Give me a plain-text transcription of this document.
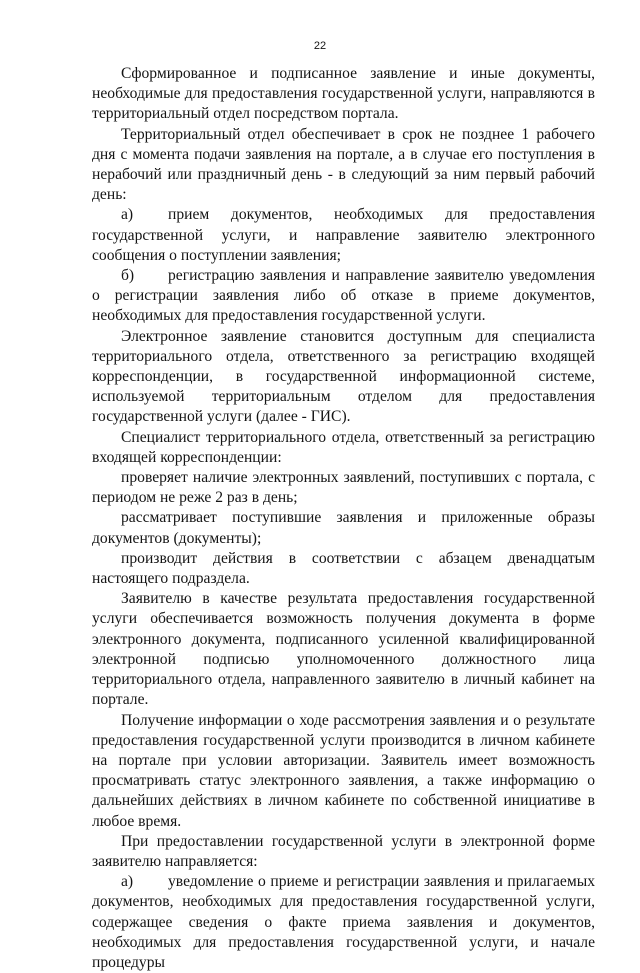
22

Сформированное и подписанное заявление и иные документы, необходимые для предоставления государственной услуги, направляются в территориальный отдел посредством портала.

Территориальный отдел обеспечивает в срок не позднее 1 рабочего дня с момента подачи заявления на портале, а в случае его поступления в нерабочий или праздничный день - в следующий за ним первый рабочий день:

а) прием документов, необходимых для предоставления государственной услуги, и направление заявителю электронного сообщения о поступлении заявления;

б) регистрацию заявления и направление заявителю уведомления о регистрации заявления либо об отказе в приеме документов, необходимых для предоставления государственной услуги.

Электронное заявление становится доступным для специалиста территориального отдела, ответственного за регистрацию входящей корреспонденции, в государственной информационной системе, используемой территориальным отделом для предоставления государственной услуги (далее - ГИС).

Специалист территориального отдела, ответственный за регистрацию входящей корреспонденции:

проверяет наличие электронных заявлений, поступивших с портала, с периодом не реже 2 раз в день;

рассматривает поступившие заявления и приложенные образы документов (документы);

производит действия в соответствии с абзацем двенадцатым настоящего подраздела.

Заявителю в качестве результата предоставления государственной услуги обеспечивается возможность получения документа в форме электронного документа, подписанного усиленной квалифицированной электронной подписью уполномоченного должностного лица территориального отдела, направленного заявителю в личный кабинет на портале.

Получение информации о ходе рассмотрения заявления и о результате предоставления государственной услуги производится в личном кабинете на портале при условии авторизации. Заявитель имеет возможность просматривать статус электронного заявления, а также информацию о дальнейших действиях в личном кабинете по собственной инициативе в любое время.

При предоставлении государственной услуги в электронной форме заявителю направляется:

а) уведомление о приеме и регистрации заявления и прилагаемых документов, необходимых для предоставления государственной услуги, содержащее сведения о факте приема заявления и документов, необходимых для предоставления государственной услуги, и начале процедуры
